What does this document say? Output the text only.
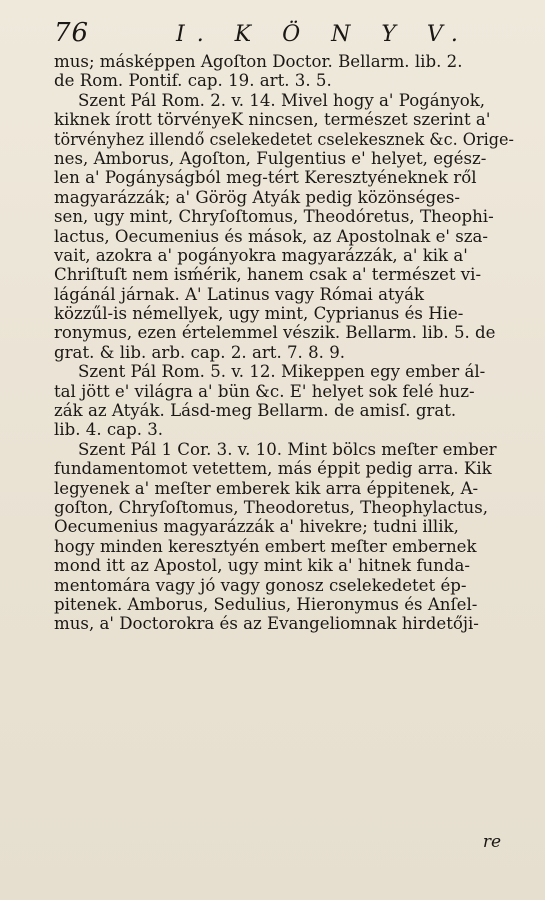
76	I. K Ö N Y V.
mus; másképpen Agoſton Doctor. Bellarm. lib. 2.
de Rom. Pontif. cap. 19. art. 3. 5.
Szent Pál Rom. 2. v. 14. Mivel hogy a' Pogányok,
kiknek írott törvényeK nincsen, természet szerint a'
törvényhez illendő cselekedetet cselekesznek &c. Orige-
nes, Amborus, Agoſton, Fulgentius e' helyet, egész-
len a' Pogányságból meg-tért Keresztyéneknek ről
magyarázzák; a' Görög Atyák pedig közönséges-
sen, ugy mint, Chryſoſtomus, Theodóretus, Theophi-
lactus, Oecumenius és mások, az Apostolnak e' sza-
vait, azokra a' pogányokra magyarázzák, a' kik a'
Chriſtuſt nem isḿérik, hanem csak a' természet vi-
lágánál járnak. A' Latinus vagy Római atyák
közzűl-is némellyek, ugy mint, Cyprianus és Hie-
ronymus, ezen értelemmel vészik. Bellarm. lib. 5. de
grat. & lib. arb. cap. 2. art. 7. 8. 9.
Szent Pál Rom. 5. v. 12. Mikeppen egy ember ál-
tal jött e' világra a' bün &c. E' helyet sok felé huz-
zák az Atyák. Lásd-meg Bellarm. de amisſ. grat.
lib. 4. cap. 3.
Szent Pál 1 Cor. 3. v. 10. Mint bölcs meſter ember
fundamentomot vetettem, más éppit pedig arra. Kik
legyenek a' meſter emberek kik arra éppitenek, A-
goſton, Chryſoſtomus, Theodoretus, Theophylactus,
Oecumenius magyarázzák a' hivekre; tudni illik,
hogy minden keresztyén embert meſter embernek
mond itt az Apostol, ugy mint kik a' hitnek funda-
mentomára vagy jó vagy gonosz cselekedetet ép-
pitenek. Amborus, Sedulius, Hieronymus és Anſel-
mus, a' Doctorokra és az Evangeliomnak hirdetőji-
re
